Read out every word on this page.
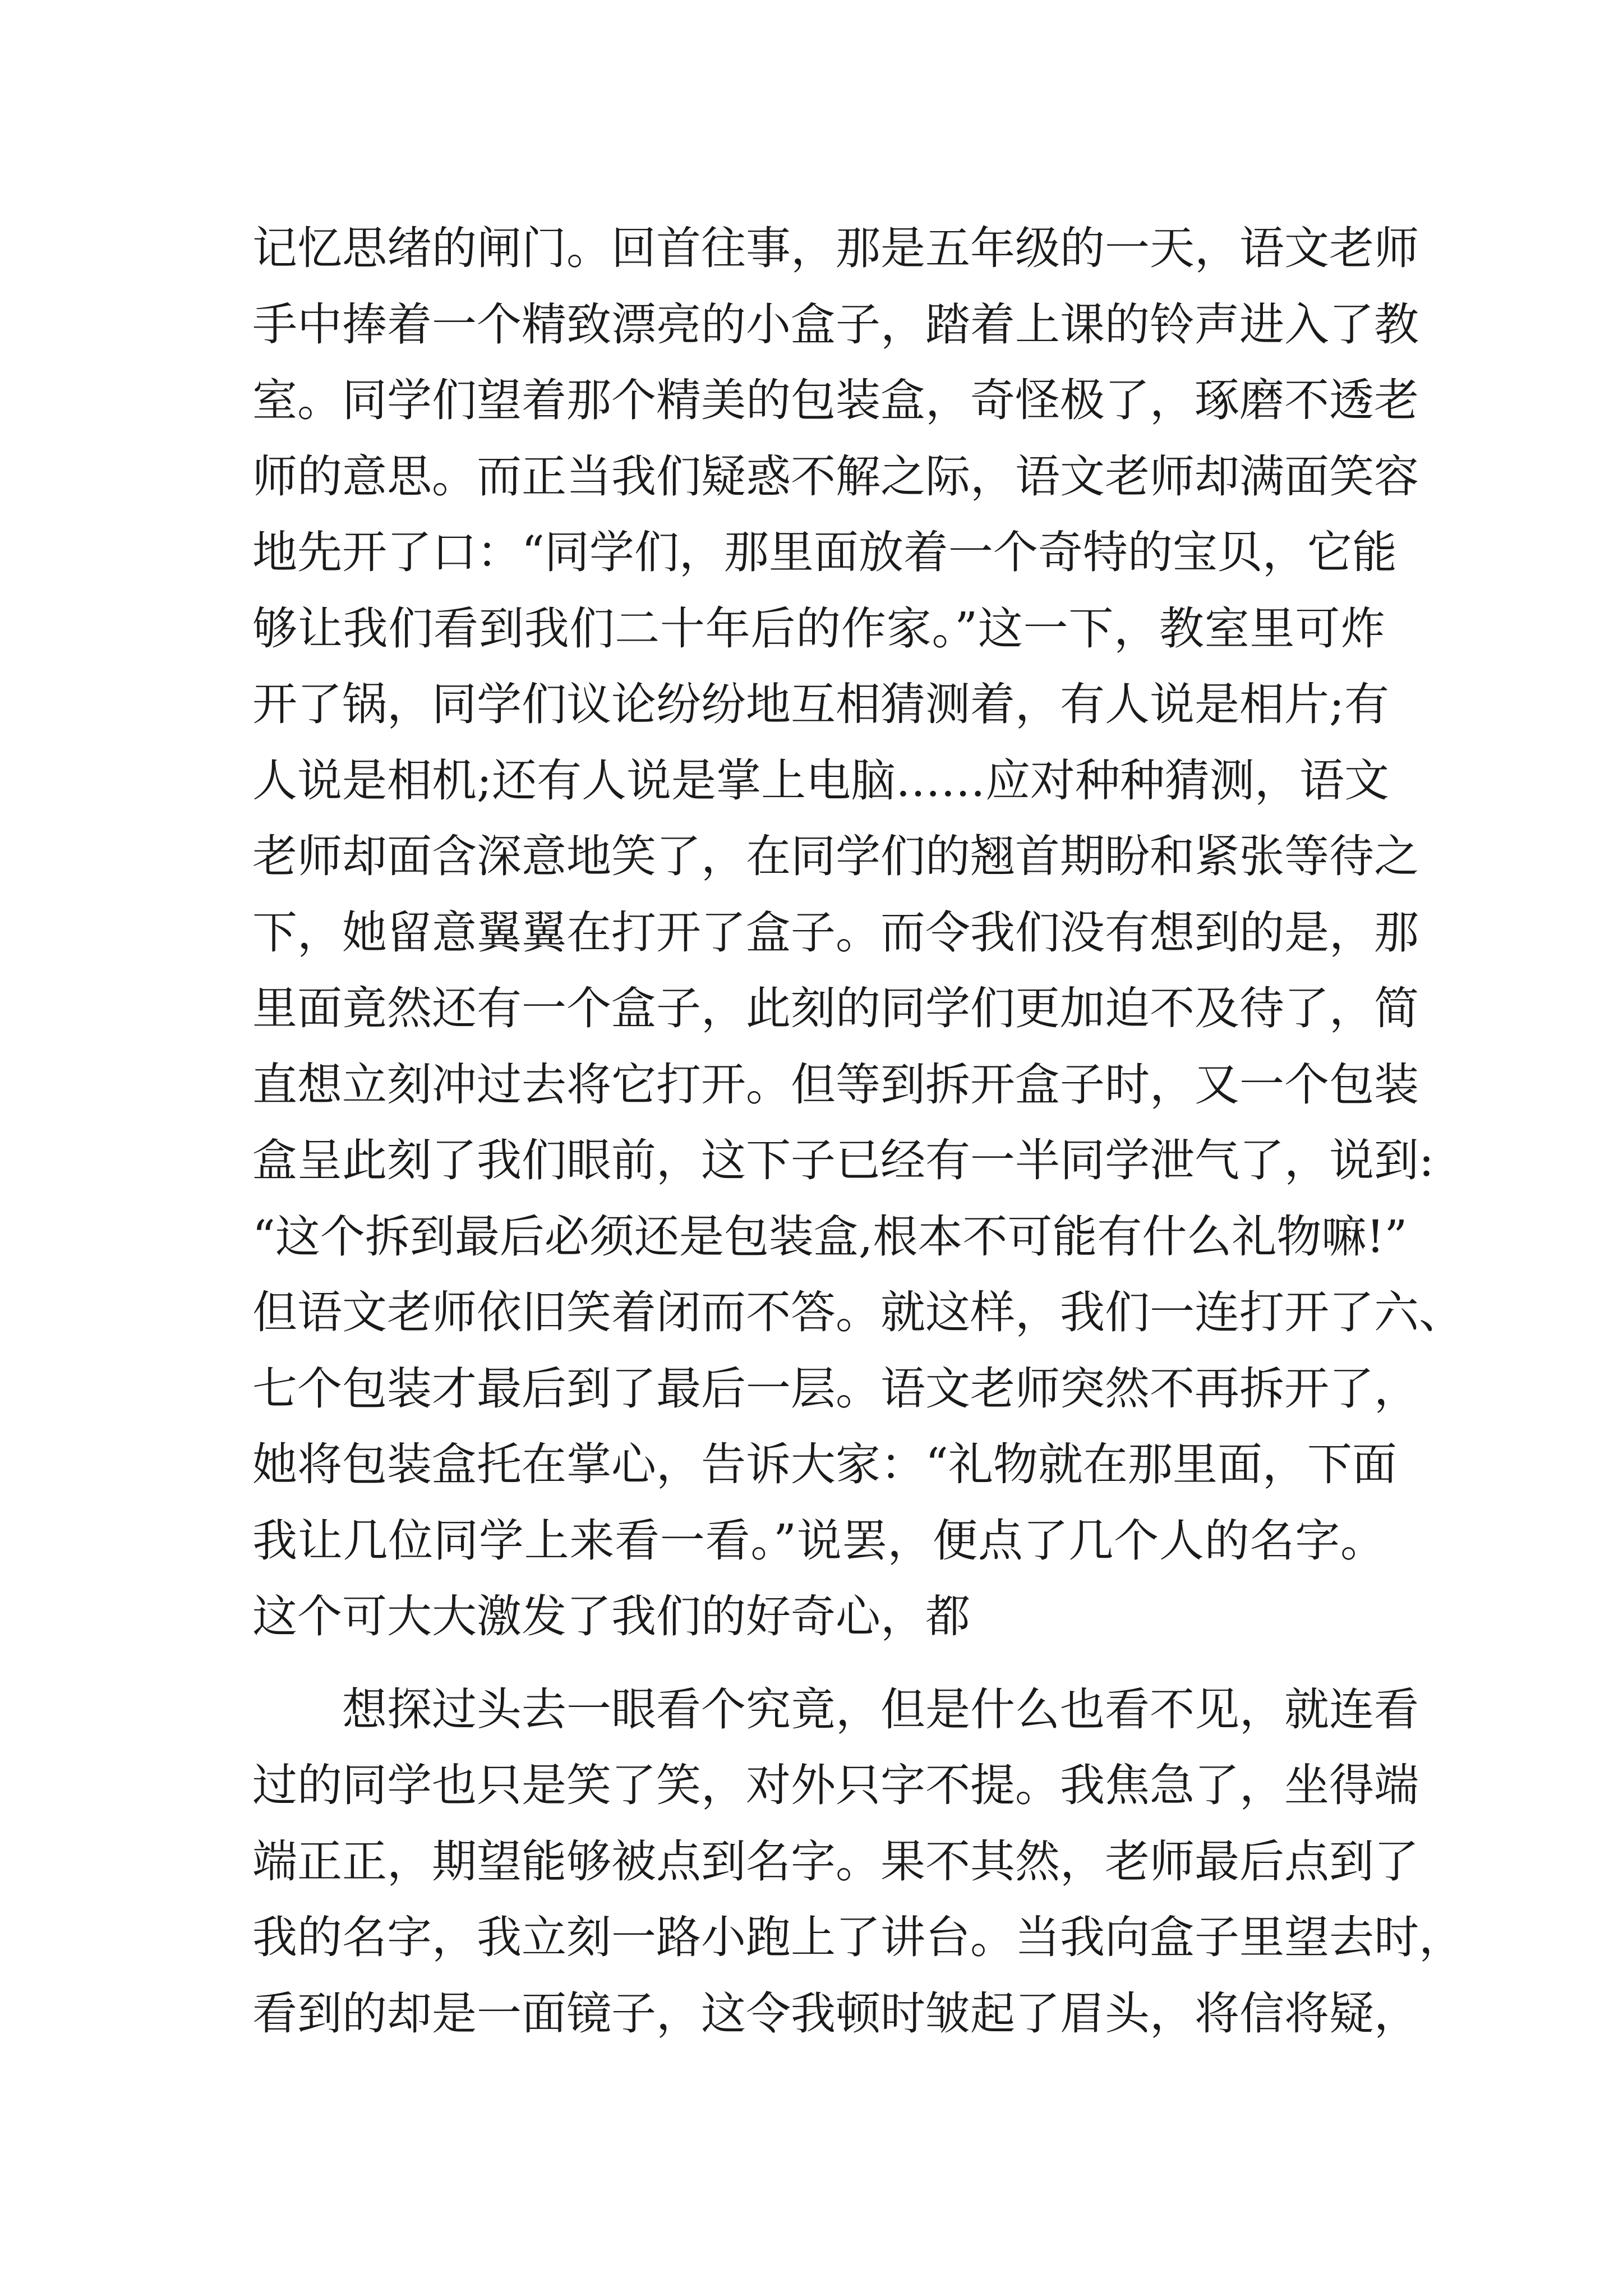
记忆思绪的闸门。回首往事，那是五年级的一天，语文老师
手中捧着一个精致漂亮的小盒子，踏着上课的铃声进入了教
室。同学们望着那个精美的包装盒，奇怪极了，琢磨不透老
师的意思。而正当我们疑惑不解之际，语文老师却满面笑容
地先开了口：“同学们，那里面放着一个奇特的宝贝，它能
够让我们看到我们二十年后的作家。”这一下，教室里可炸
开了锅，同学们议论纷纷地互相猜测着，有人说是相片;有
人说是相机;还有人说是掌上电脑……应对种种猜测，语文
老师却面含深意地笑了，在同学们的翘首期盼和紧张等待之
下，她留意翼翼在打开了盒子。而令我们没有想到的是，那
里面竟然还有一个盒子，此刻的同学们更加迫不及待了，简
直想立刻冲过去将它打开。但等到拆开盒子时，又一个包装
盒呈此刻了我们眼前，这下子已经有一半同学泄气了，说到:
“这个拆到最后必须还是包装盒,根本不可能有什么礼物嘛!”
但语文老师依旧笑着闭而不答。就这样，我们一连打开了六、
七个包装才最后到了最后一层。语文老师突然不再拆开了，
她将包装盒托在掌心，告诉大家：“礼物就在那里面，下面
我让几位同学上来看一看。”说罢，便点了几个人的名字。
这个可大大激发了我们的好奇心，都
想探过头去一眼看个究竟，但是什么也看不见，就连看
过的同学也只是笑了笑，对外只字不提。我焦急了，坐得端
端正正，期望能够被点到名字。果不其然，老师最后点到了
我的名字，我立刻一路小跑上了讲台。当我向盒子里望去时，
看到的却是一面镜子，这令我顿时皱起了眉头，将信将疑，
